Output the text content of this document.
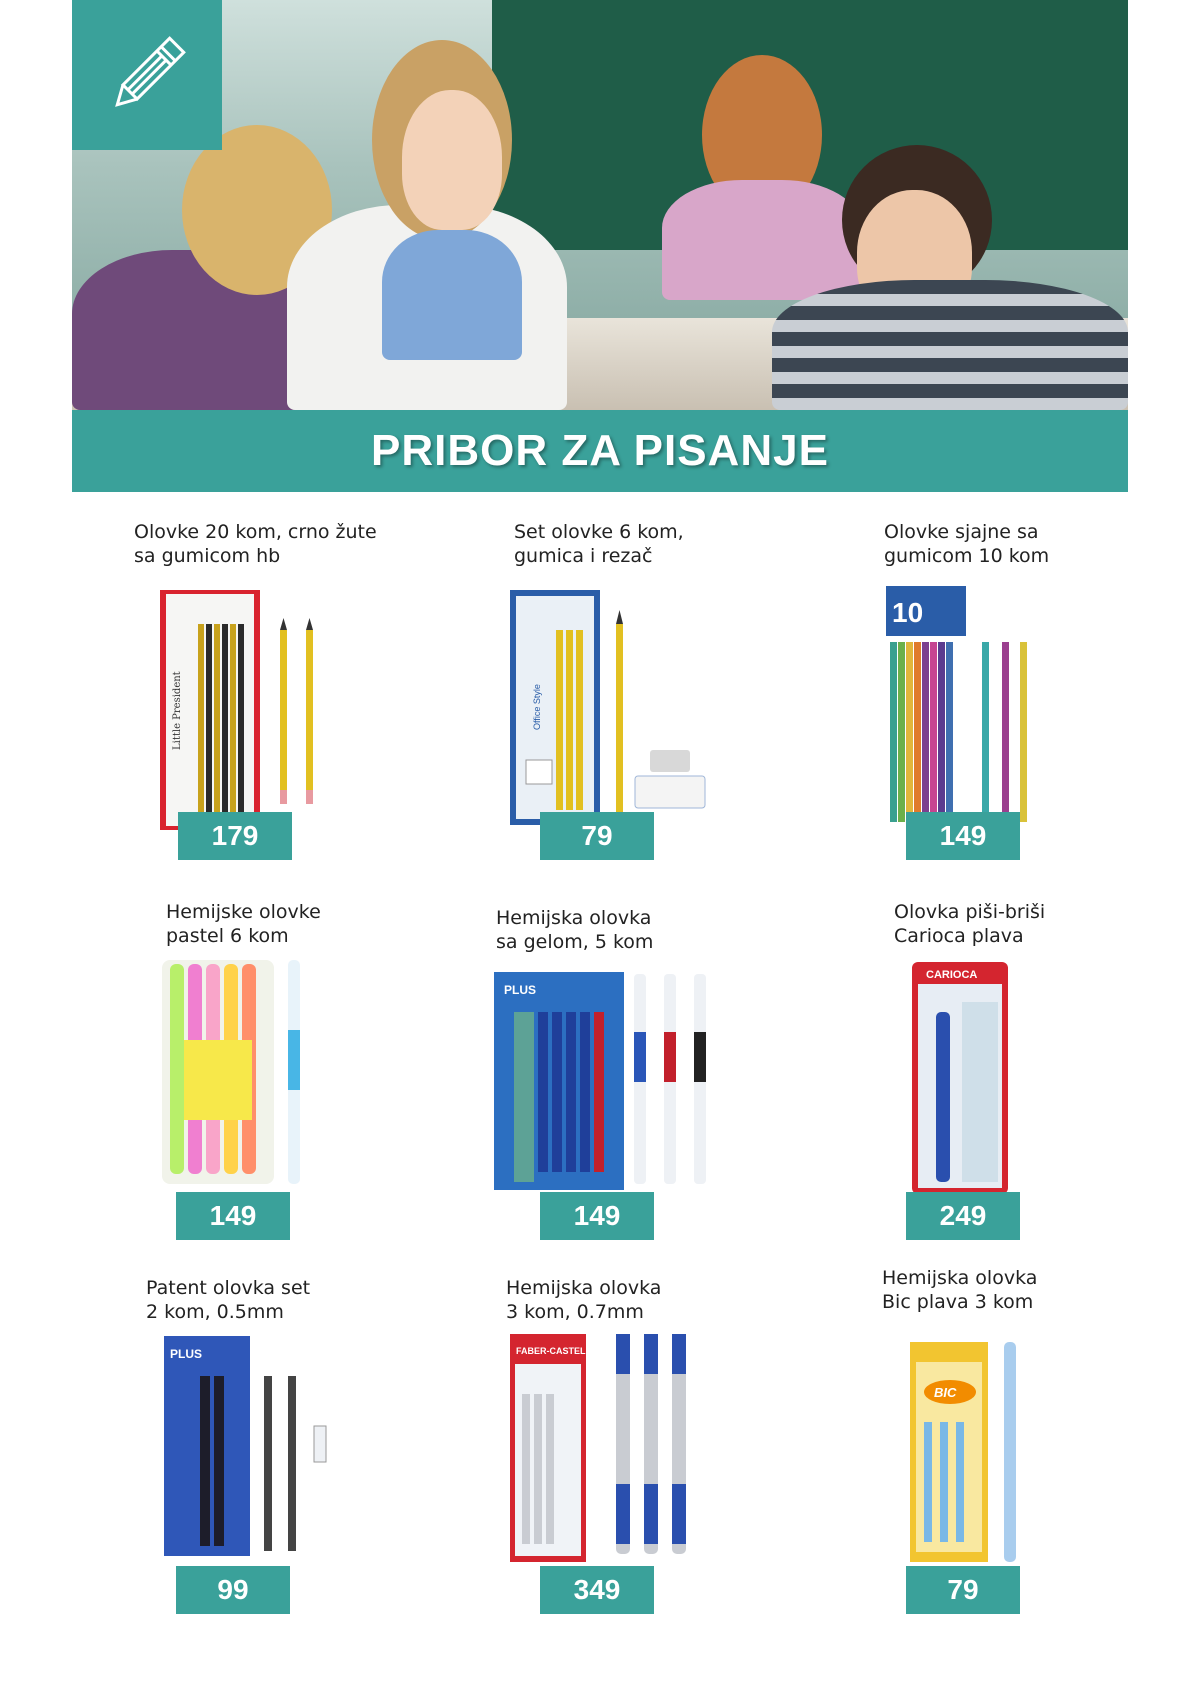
PRIBOR ZA PISANJE
Olovke 20 kom, crno žute
sa gumicom hb
Little President
179
Set olovke 6 kom,
gumica i rezač
Office Style
79
Olovke sjajne sa
gumicom 10 kom
10
149
Hemijske olovke
pastel 6 kom
149
Hemijska olovka
sa gelom, 5 kom
PLUS
149
Olovka piši-briši
Carioca plava
CARIOCA
249
Patent olovka set
2 kom, 0.5mm
PLUS
99
Hemijska olovka
3 kom, 0.7mm
FABER-CASTELL
349
Hemijska olovka
Bic plava 3 kom
BIC
79
